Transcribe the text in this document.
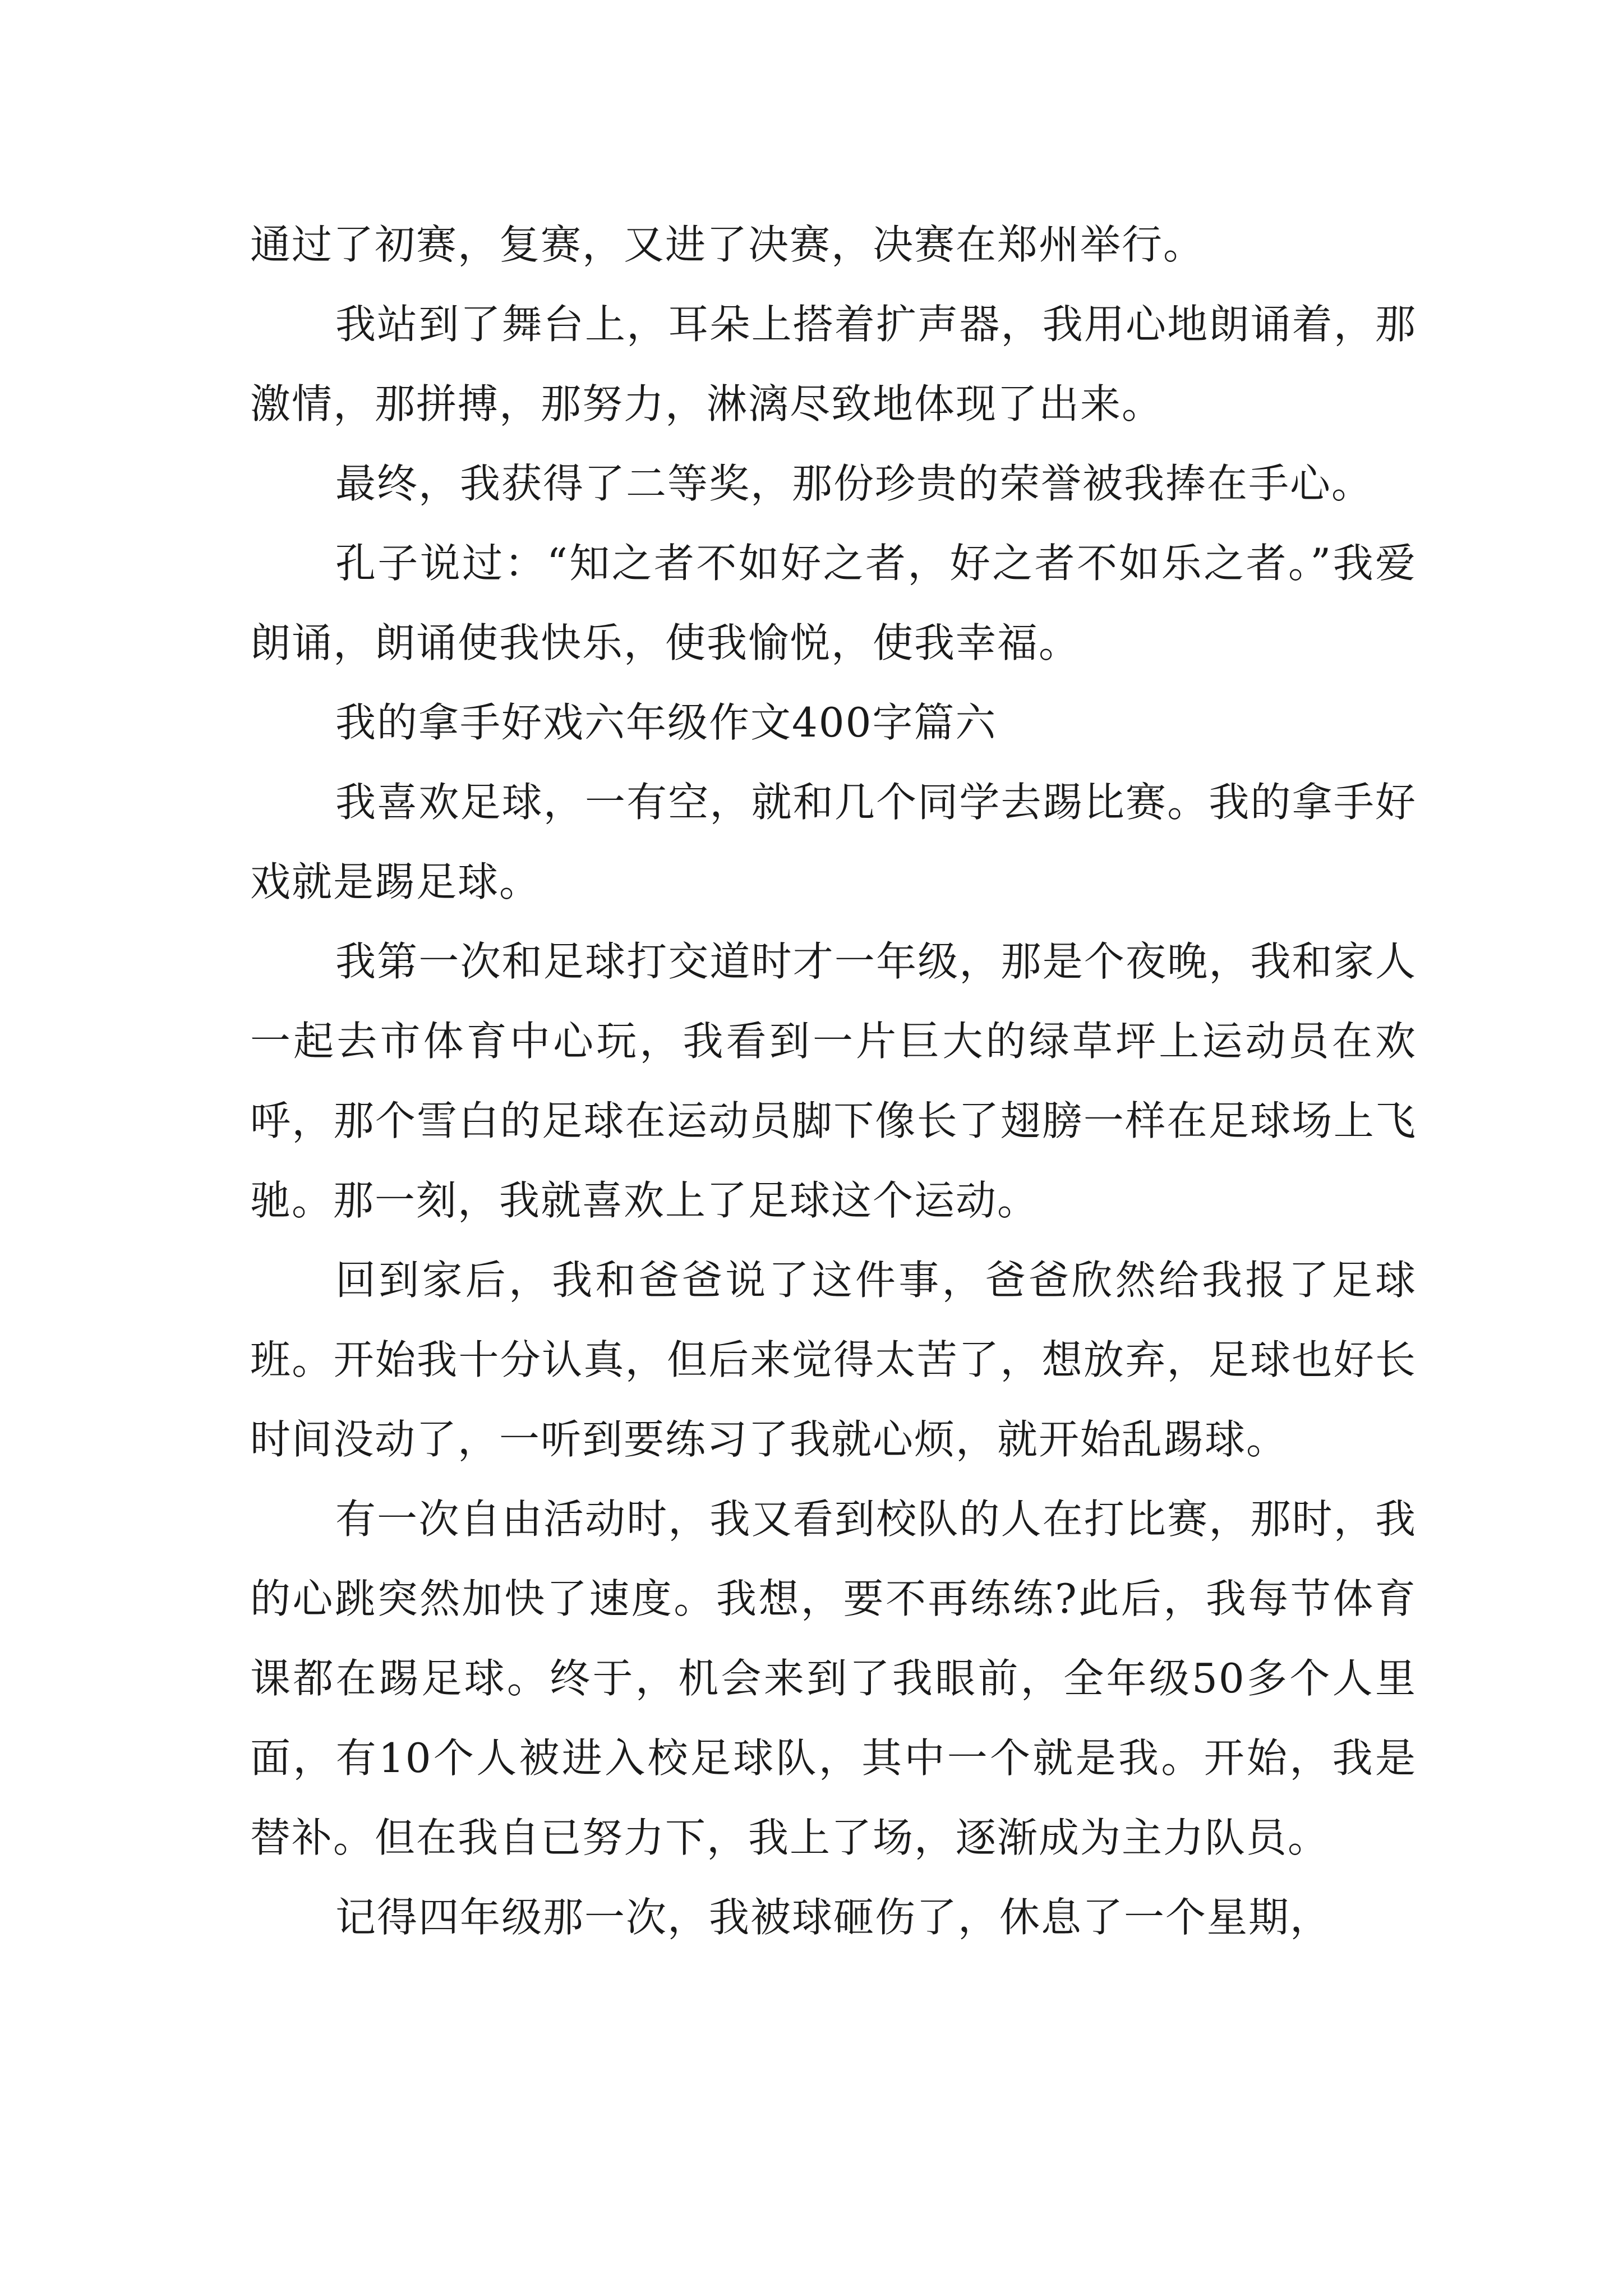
通过了初赛，复赛，又进了决赛，决赛在郑州举行。

我站到了舞台上，耳朵上搭着扩声器，我用心地朗诵着，那激情，那拼搏，那努力，淋漓尽致地体现了出来。

最终，我获得了二等奖，那份珍贵的荣誉被我捧在手心。

孔子说过：“知之者不如好之者，好之者不如乐之者。”我爱朗诵，朗诵使我快乐，使我愉悦，使我幸福。

我的拿手好戏六年级作文400字篇六

我喜欢足球，一有空，就和几个同学去踢比赛。我的拿手好戏就是踢足球。

我第一次和足球打交道时才一年级，那是个夜晚，我和家人一起去市体育中心玩，我看到一片巨大的绿草坪上运动员在欢呼，那个雪白的足球在运动员脚下像长了翅膀一样在足球场上飞驰。那一刻，我就喜欢上了足球这个运动。

回到家后，我和爸爸说了这件事，爸爸欣然给我报了足球班。开始我十分认真，但后来觉得太苦了，想放弃，足球也好长时间没动了，一听到要练习了我就心烦，就开始乱踢球。

有一次自由活动时，我又看到校队的人在打比赛，那时，我的心跳突然加快了速度。我想，要不再练练?此后，我每节体育课都在踢足球。终于，机会来到了我眼前，全年级50多个人里面，有10个人被进入校足球队，其中一个就是我。开始，我是替补。但在我自已努力下，我上了场，逐渐成为主力队员。

记得四年级那一次，我被球砸伤了，休息了一个星期，
